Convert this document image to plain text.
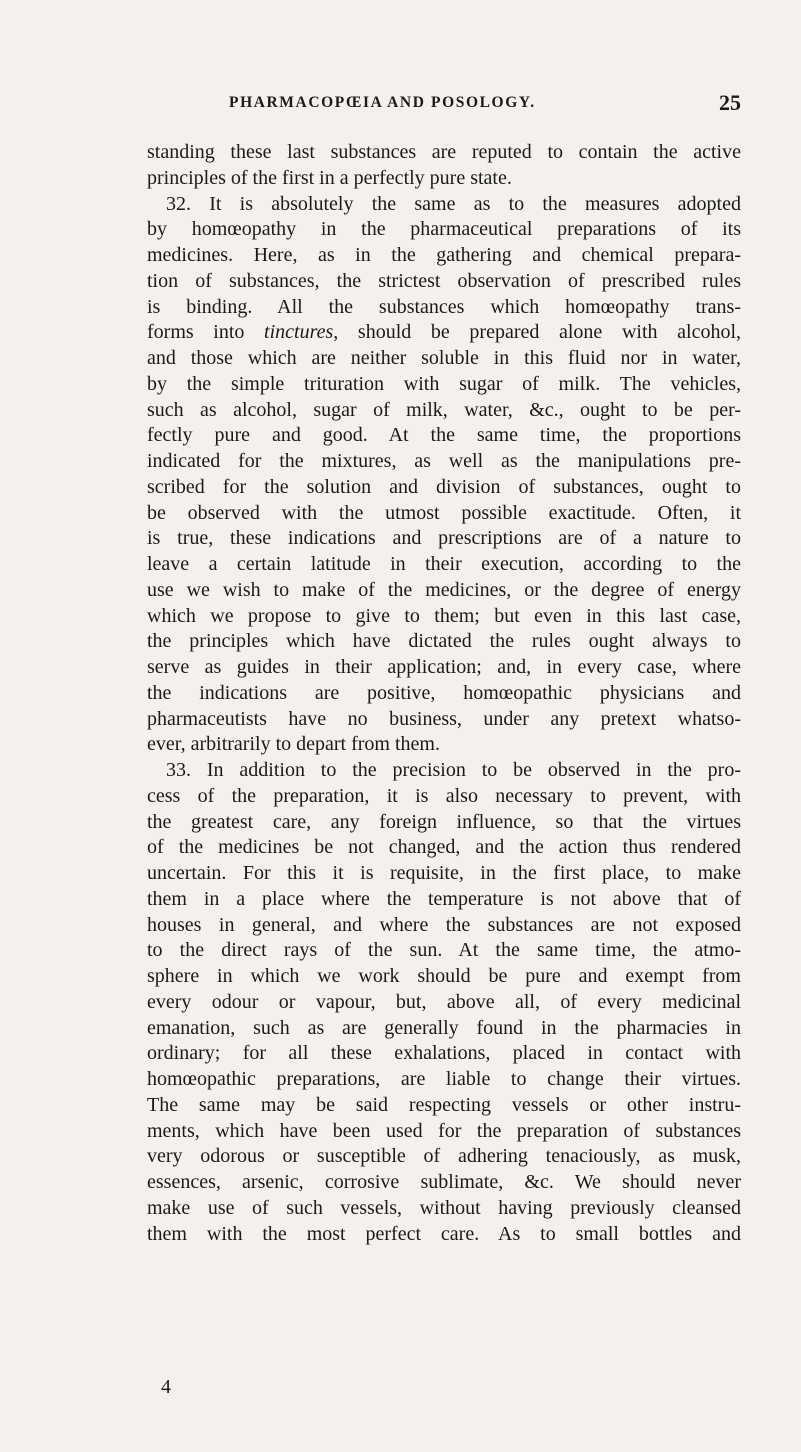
PHARMACOPŒIA AND POSOLOGY.	25
standing these last substances are reputed to contain the active
principles of the first in a perfectly pure state.
32. It is absolutely the same as to the measures adopted
by homœopathy in the pharmaceutical preparations of its
medicines. Here, as in the gathering and chemical prepara-
tion of substances, the strictest observation of prescribed rules
is binding. All the substances which homœopathy trans-
forms into tinctures, should be prepared alone with alcohol,
and those which are neither soluble in this fluid nor in water,
by the simple trituration with sugar of milk. The vehicles,
such as alcohol, sugar of milk, water, &c., ought to be per-
fectly pure and good. At the same time, the proportions
indicated for the mixtures, as well as the manipulations pre-
scribed for the solution and division of substances, ought to
be observed with the utmost possible exactitude. Often, it
is true, these indications and prescriptions are of a nature to
leave a certain latitude in their execution, according to the
use we wish to make of the medicines, or the degree of energy
which we propose to give to them; but even in this last case,
the principles which have dictated the rules ought always to
serve as guides in their application; and, in every case, where
the indications are positive, homœopathic physicians and
pharmaceutists have no business, under any pretext whatso-
ever, arbitrarily to depart from them.
33. In addition to the precision to be observed in the pro-
cess of the preparation, it is also necessary to prevent, with
the greatest care, any foreign influence, so that the virtues
of the medicines be not changed, and the action thus rendered
uncertain. For this it is requisite, in the first place, to make
them in a place where the temperature is not above that of
houses in general, and where the substances are not exposed
to the direct rays of the sun. At the same time, the atmo-
sphere in which we work should be pure and exempt from
every odour or vapour, but, above all, of every medicinal
emanation, such as are generally found in the pharmacies in
ordinary; for all these exhalations, placed in contact with
homœopathic preparations, are liable to change their virtues.
The same may be said respecting vessels or other instru-
ments, which have been used for the preparation of substances
very odorous or susceptible of adhering tenaciously, as musk,
essences, arsenic, corrosive sublimate, &c. We should never
make use of such vessels, without having previously cleansed
them with the most perfect care. As to small bottles and
4
